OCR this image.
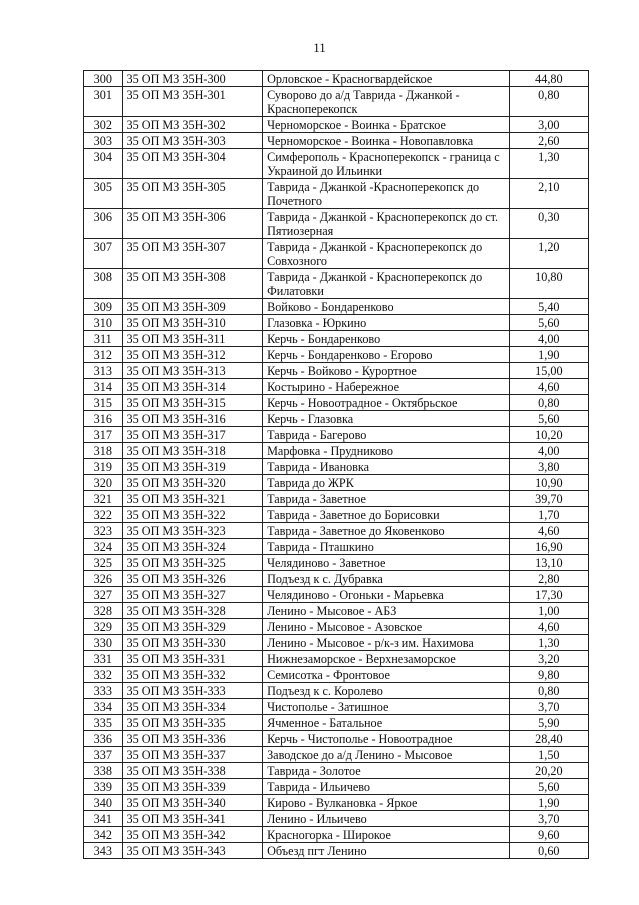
11
300	35 ОП МЗ 35Н-300	Орловское - Красногвардейское	44,80
301	35 ОП МЗ 35Н-301	Суворово до а/д Таврида - Джанкой - Красноперекопск	0,80
302	35 ОП МЗ 35Н-302	Черноморское - Воинка - Братское	3,00
303	35 ОП МЗ 35Н-303	Черноморское - Воинка - Новопавловка	2,60
304	35 ОП МЗ 35Н-304	Симферополь - Красноперекопск - граница с Украиной до Ильинки	1,30
305	35 ОП МЗ 35Н-305	Таврида - Джанкой -Красноперекопск до Почетного	2,10
306	35 ОП МЗ 35Н-306	Таврида - Джанкой - Красноперекопск до ст. Пятиозерная	0,30
307	35 ОП МЗ 35Н-307	Таврида - Джанкой - Красноперекопск до Совхозного	1,20
308	35 ОП МЗ 35Н-308	Таврида - Джанкой - Красноперекопск до Филатовки	10,80
309	35 ОП МЗ 35Н-309	Войково - Бондаренково	5,40
310	35 ОП МЗ 35Н-310	Глазовка - Юркино	5,60
311	35 ОП МЗ 35Н-311	Керчь - Бондаренково	4,00
312	35 ОП МЗ 35Н-312	Керчь - Бондаренково - Егорово	1,90
313	35 ОП МЗ 35Н-313	Керчь - Войково - Курортное	15,00
314	35 ОП МЗ 35Н-314	Костырино - Набережное	4,60
315	35 ОП МЗ 35Н-315	Керчь - Новоотрадное - Октябрьское	0,80
316	35 ОП МЗ 35Н-316	Керчь - Глазовка	5,60
317	35 ОП МЗ 35Н-317	Таврида - Багерово	10,20
318	35 ОП МЗ 35Н-318	Марфовка - Прудниково	4,00
319	35 ОП МЗ 35Н-319	Таврида - Ивановка	3,80
320	35 ОП МЗ 35Н-320	Таврида до ЖРК	10,90
321	35 ОП МЗ 35Н-321	Таврида - Заветное	39,70
322	35 ОП МЗ 35Н-322	Таврида - Заветное до Борисовки	1,70
323	35 ОП МЗ 35Н-323	Таврида - Заветное до Яковенково	4,60
324	35 ОП МЗ 35Н-324	Таврида - Пташкино	16,90
325	35 ОП МЗ 35Н-325	Челядиново - Заветное	13,10
326	35 ОП МЗ 35Н-326	Подъезд к с. Дубравка	2,80
327	35 ОП МЗ 35Н-327	Челядиново - Огоньки - Марьевка	17,30
328	35 ОП МЗ 35Н-328	Ленино - Мысовое - АБЗ	1,00
329	35 ОП МЗ 35Н-329	Ленино - Мысовое - Азовское	4,60
330	35 ОП МЗ 35Н-330	Ленино - Мысовое - р/к-з им. Нахимова	1,30
331	35 ОП МЗ 35Н-331	Нижнезаморское - Верхнезаморское	3,20
332	35 ОП МЗ 35Н-332	Семисотка - Фронтовое	9,80
333	35 ОП МЗ 35Н-333	Подъезд к с. Королево	0,80
334	35 ОП МЗ 35Н-334	Чистополье - Затишное	3,70
335	35 ОП МЗ 35Н-335	Ячменное - Батальное	5,90
336	35 ОП МЗ 35Н-336	Керчь - Чистополье - Новоотрадное	28,40
337	35 ОП МЗ 35Н-337	Заводское до а/д Ленино - Мысовое	1,50
338	35 ОП МЗ 35Н-338	Таврида - Золотое	20,20
339	35 ОП МЗ 35Н-339	Таврида - Ильичево	5,60
340	35 ОП МЗ 35Н-340	Кирово - Вулкановка - Яркое	1,90
341	35 ОП МЗ 35Н-341	Ленино - Ильичево	3,70
342	35 ОП МЗ 35Н-342	Красногорка - Широкое	9,60
343	35 ОП МЗ 35Н-343	Объезд пгт Ленино	0,60
